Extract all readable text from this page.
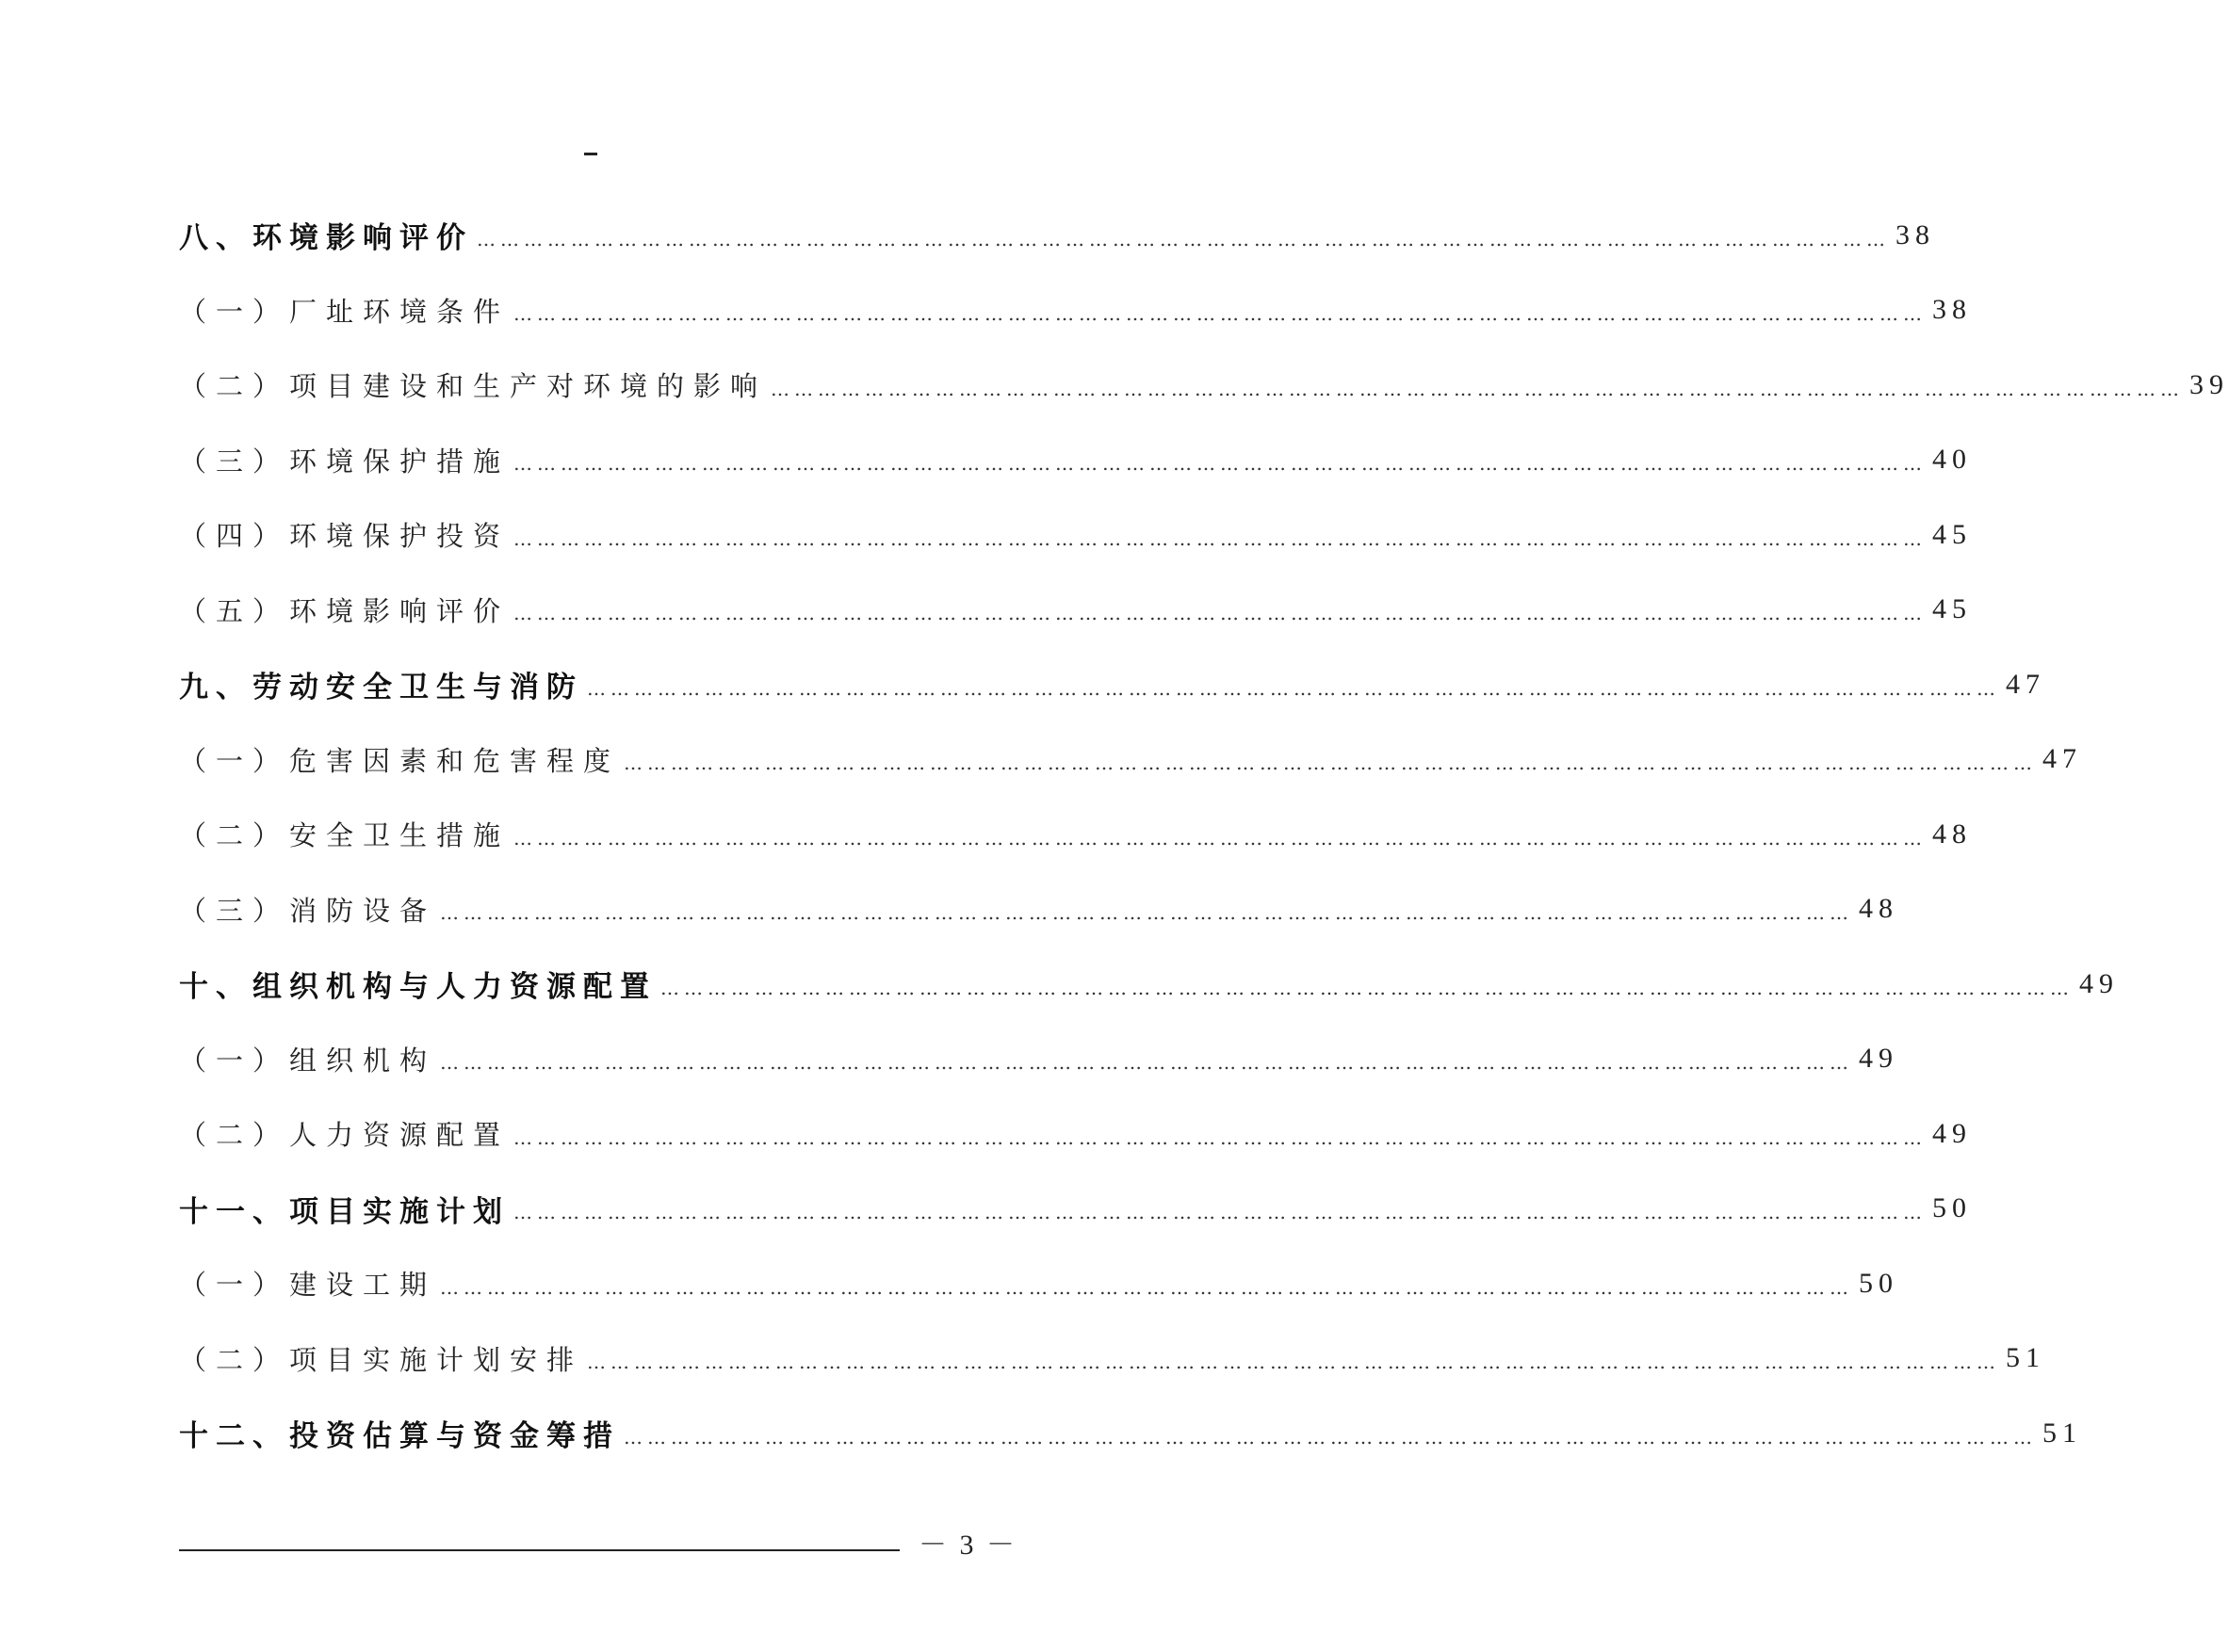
八、环境影响评价 ……………………………………………………………………………………………………………………………………………………………… 38
（一）厂址环境条件 ……………………………………………………………………………………………………………………………………………………………… 38
（二）项目建设和生产对环境的影响 ……………………………………………………………………………………………………………………………………………………………… 39
（三）环境保护措施 ……………………………………………………………………………………………………………………………………………………………… 40
（四）环境保护投资 ……………………………………………………………………………………………………………………………………………………………… 45
（五）环境影响评价 ……………………………………………………………………………………………………………………………………………………………… 45
九、劳动安全卫生与消防 ……………………………………………………………………………………………………………………………………………………………… 47
（一）危害因素和危害程度 ……………………………………………………………………………………………………………………………………………………………… 47
（二）安全卫生措施 ……………………………………………………………………………………………………………………………………………………………… 48
（三）消防设备 ……………………………………………………………………………………………………………………………………………………………… 48
十、组织机构与人力资源配置 ……………………………………………………………………………………………………………………………………………………………… 49
（一）组织机构 ……………………………………………………………………………………………………………………………………………………………… 49
（二）人力资源配置 ……………………………………………………………………………………………………………………………………………………………… 49
十一、项目实施计划 ……………………………………………………………………………………………………………………………………………………………… 50
（一）建设工期 ……………………………………………………………………………………………………………………………………………………………… 50
（二）项目实施计划安排 ……………………………………………………………………………………………………………………………………………………………… 51
十二、投资估算与资金筹措 ……………………………………………………………………………………………………………………………………………………………… 51
－ 3 －
